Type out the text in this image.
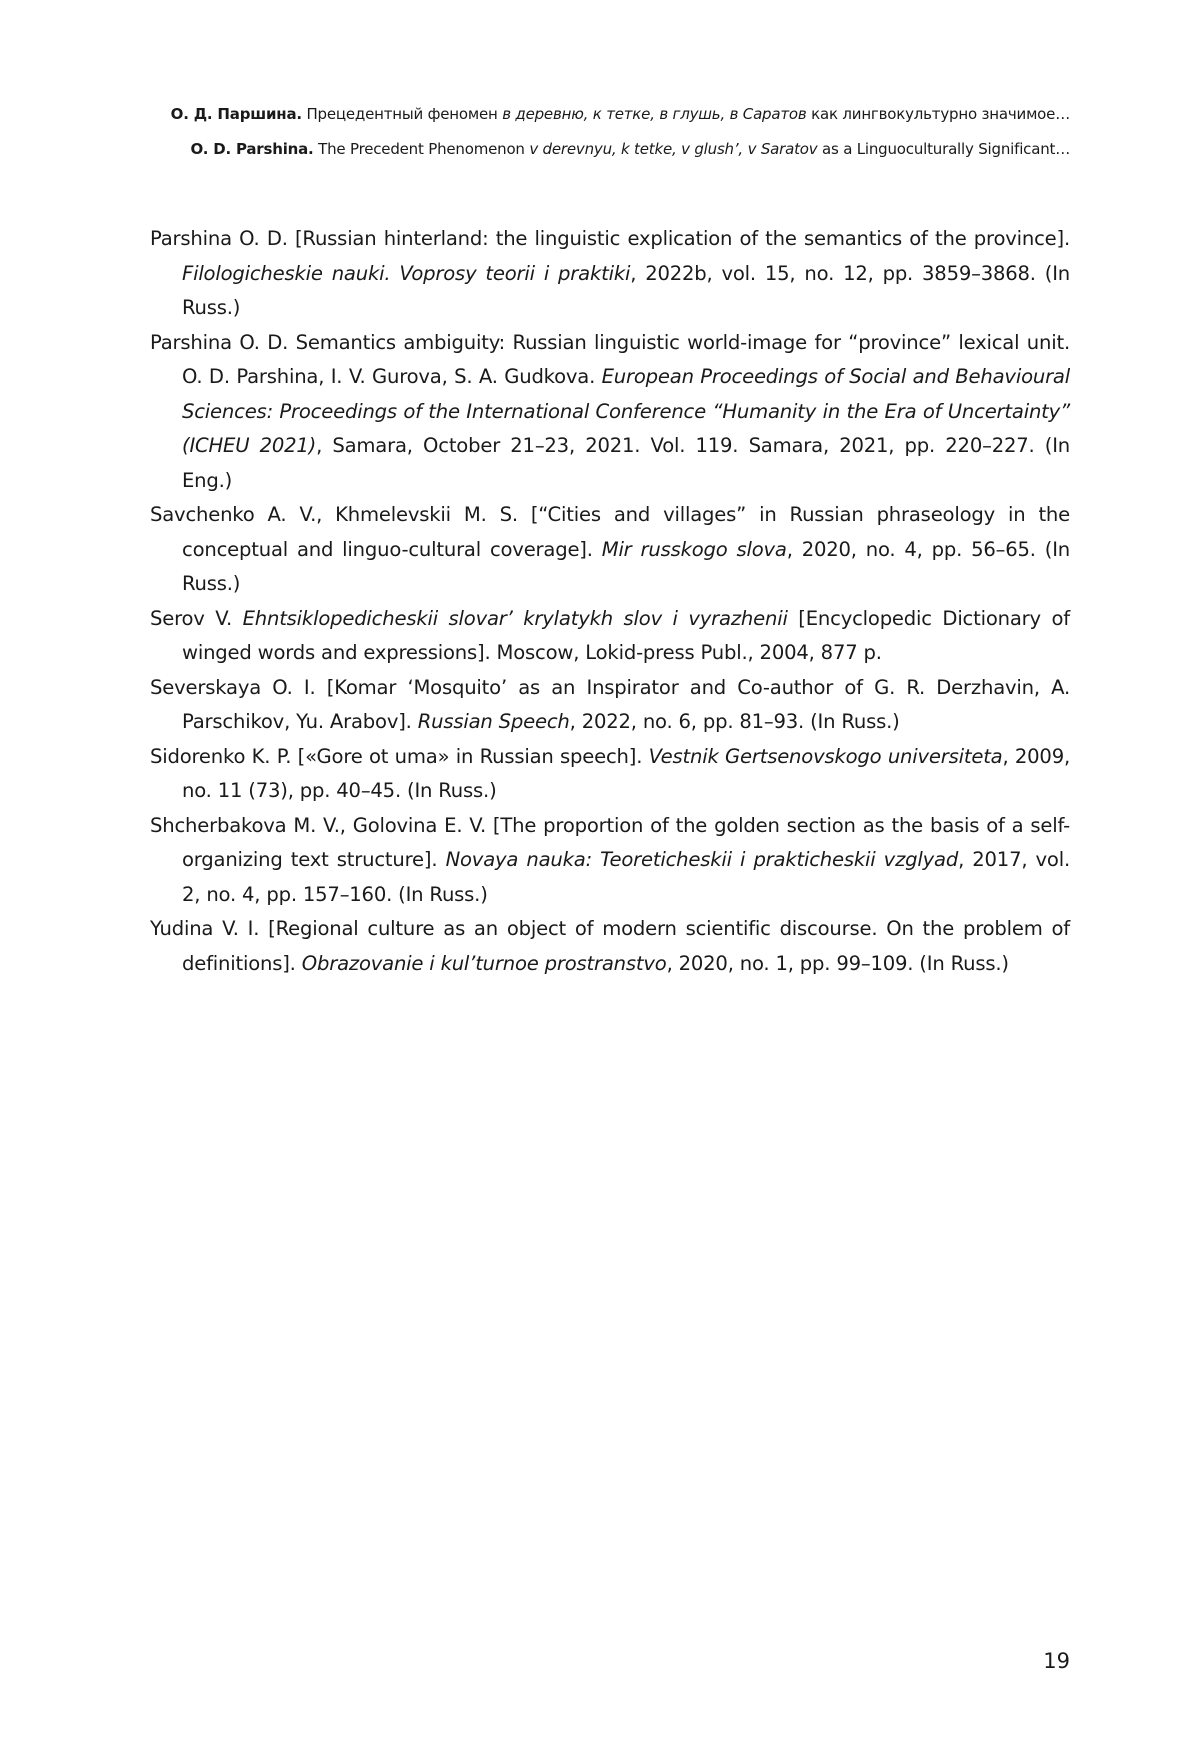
О. Д. Паршина. Прецедентный феномен в деревню, к тетке, в глушь, в Саратов как лингвокультурно значимое…
O. D. Parshina. The Precedent Phenomenon v derevnyu, k tetke, v glush’, v Saratov as a Linguoculturally Significant…

Parshina O. D. [Russian hinterland: the linguistic explication of the semantics of the province]. Filologicheskie nauki. Voprosy teorii i praktiki, 2022b, vol. 15, no. 12, pp. 3859–3868. (In Russ.)

Parshina O. D. Semantics ambiguity: Russian linguistic world-image for “province” lexical unit. O. D. Parshina, I. V. Gurova, S. A. Gudkova. European Proceedings of Social and Behavioural Sciences: Proceedings of the International Conference “Humanity in the Era of Uncertainty” (ICHEU 2021), Samara, October 21–23, 2021. Vol. 119. Samara, 2021, pp. 220–227. (In Eng.)

Savchenko A. V., Khmelevskii M. S. [“Cities and villages” in Russian phraseology in the conceptual and linguo-cultural coverage]. Mir russkogo slova, 2020, no. 4, pp. 56–65. (In Russ.)

Serov V. Ehntsiklopedicheskii slovar’ krylatykh slov i vyrazhenii [Encyclopedic Dictionary of winged words and expressions]. Moscow, Lokid-press Publ., 2004, 877 p.

Severskaya O. I. [Komar ‘Mosquito’ as an Inspirator and Co-author of G. R. Derzhavin, A. Parschikov, Yu. Arabov]. Russian Speech, 2022, no. 6, pp. 81–93. (In Russ.)

Sidorenko K. P. [«Gore ot uma» in Russian speech]. Vestnik Gertsenovskogo universiteta, 2009, no. 11 (73), pp. 40–45. (In Russ.)

Shcherbakova M. V., Golovina E. V. [The proportion of the golden section as the basis of a self-organizing text structure]. Novaya nauka: Teoreticheskii i prakticheskii vzglyad, 2017, vol. 2, no. 4, pp. 157–160. (In Russ.)

Yudina V. I. [Regional culture as an object of modern scientific discourse. On the problem of definitions]. Obrazovanie i kul’turnoe prostranstvo, 2020, no. 1, pp. 99–109. (In Russ.)

19
